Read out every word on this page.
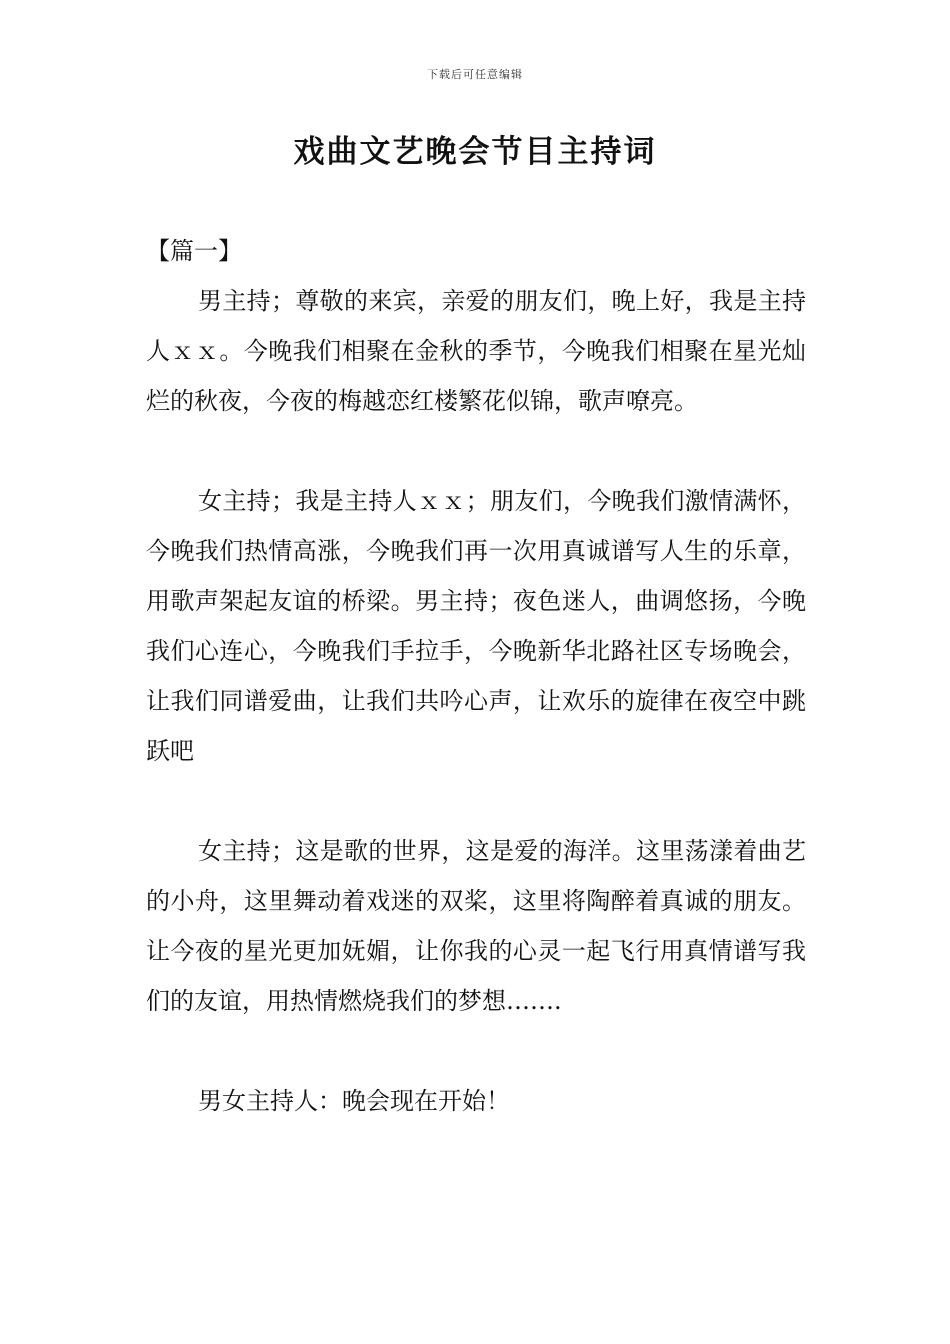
下载后可任意编辑
戏曲文艺晚会节目主持词

【篇一】

男主持；尊敬的来宾，亲爱的朋友们，晚上好，我是主持人ｘｘ。今晚我们相聚在金秋的季节，今晚我们相聚在星光灿烂的秋夜，今夜的梅越恋红楼繁花似锦，歌声嘹亮。

女主持；我是主持人ｘｘ；朋友们，今晚我们激情满怀，今晚我们热情高涨，今晚我们再一次用真诚谱写人生的乐章，用歌声架起友谊的桥梁。男主持；夜色迷人，曲调悠扬，今晚我们心连心，今晚我们手拉手，今晚新华北路社区专场晚会，让我们同谱爱曲，让我们共吟心声，让欢乐的旋律在夜空中跳跃吧

女主持；这是歌的世界，这是爱的海洋。这里荡漾着曲艺的小舟，这里舞动着戏迷的双桨，这里将陶醉着真诚的朋友。让今夜的星光更加妩媚，让你我的心灵一起飞行用真情谱写我们的友谊，用热情燃烧我们的梦想…….

男女主持人：晚会现在开始！
